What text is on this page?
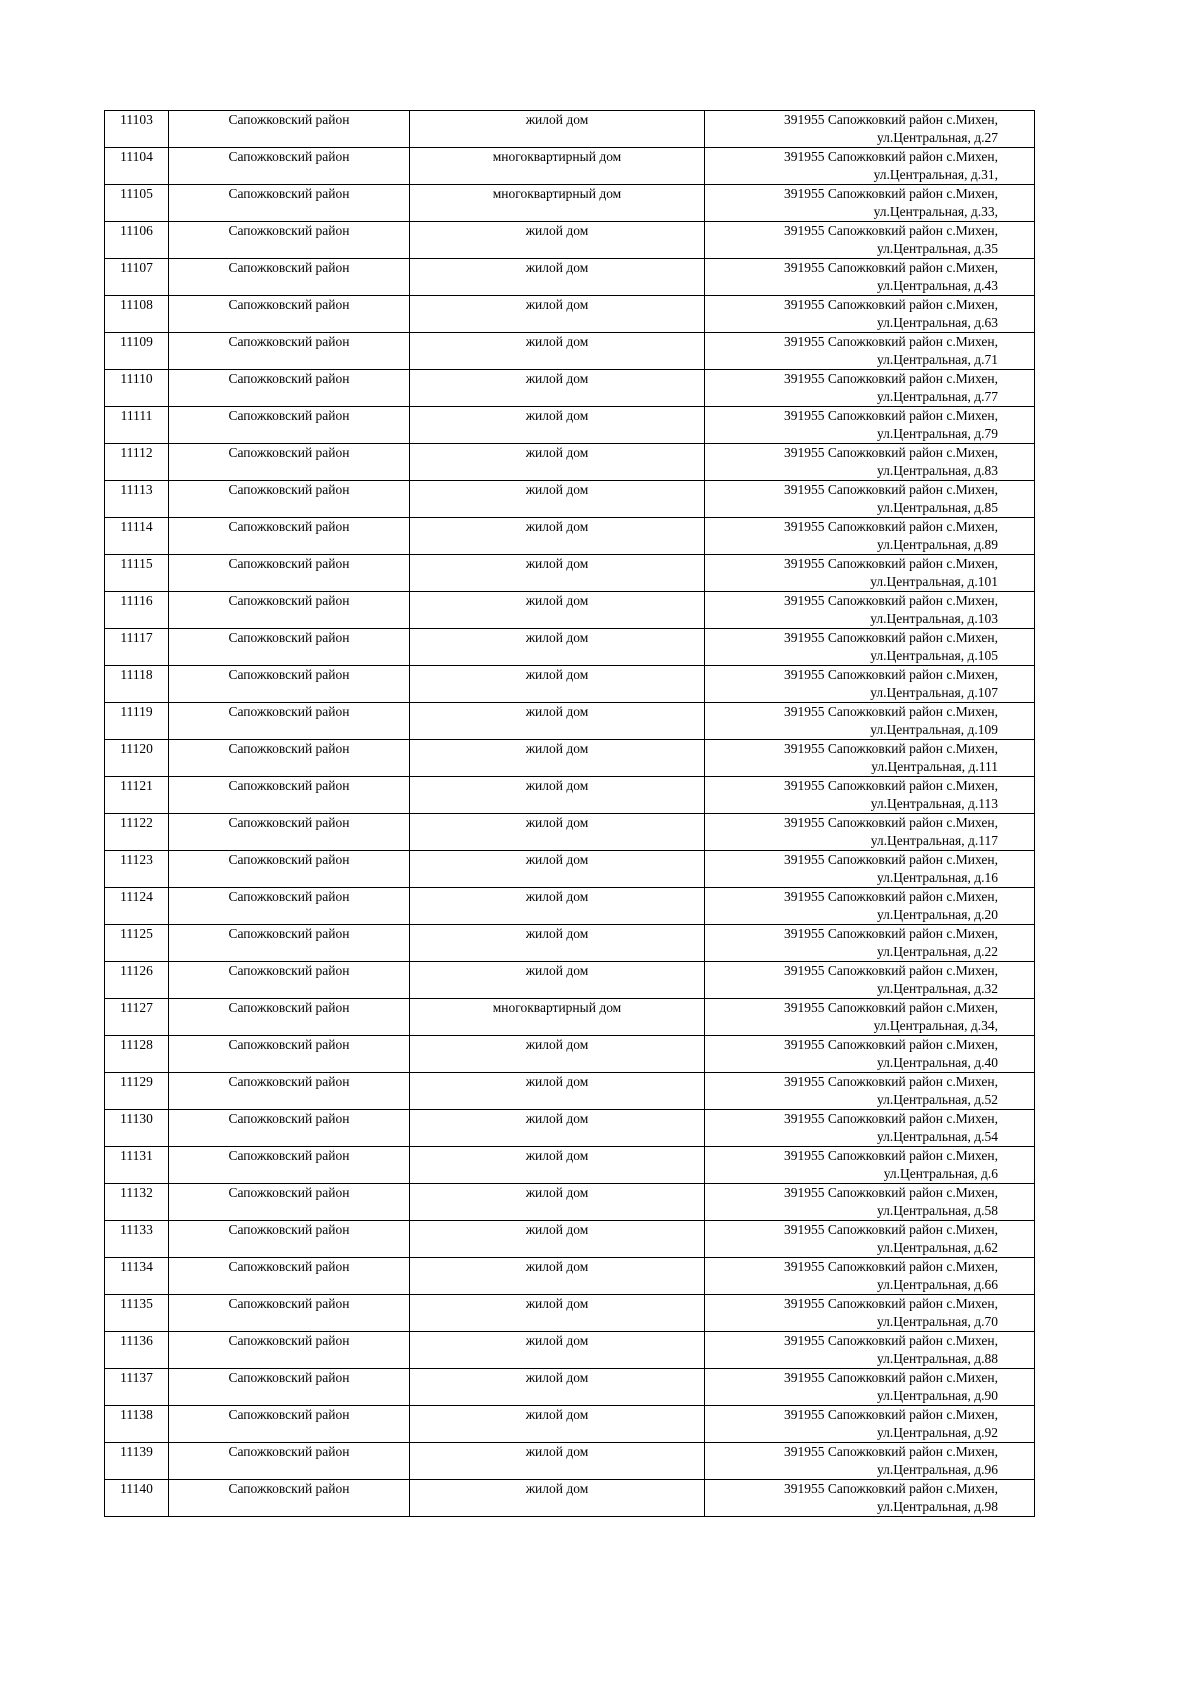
11103	Сапожковский район	жилой дом	391955 Сапожковкий район с.Михен,
ул.Центральная, д.27

11104	Сапожковский район	многоквартирный дом	391955 Сапожковкий район с.Михен,
ул.Центральная, д.31,

11105	Сапожковский район	многоквартирный дом	391955 Сапожковкий район с.Михен,
ул.Центральная, д.33,

11106	Сапожковский район	жилой дом	391955 Сапожковкий район с.Михен,
ул.Центральная, д.35

11107	Сапожковский район	жилой дом	391955 Сапожковкий район с.Михен,
ул.Центральная, д.43

11108	Сапожковский район	жилой дом	391955 Сапожковкий район с.Михен,
ул.Центральная, д.63

11109	Сапожковский район	жилой дом	391955 Сапожковкий район с.Михен,
ул.Центральная, д.71

11110	Сапожковский район	жилой дом	391955 Сапожковкий район с.Михен,
ул.Центральная, д.77

11111	Сапожковский район	жилой дом	391955 Сапожковкий район с.Михен,
ул.Центральная, д.79

11112	Сапожковский район	жилой дом	391955 Сапожковкий район с.Михен,
ул.Центральная, д.83

11113	Сапожковский район	жилой дом	391955 Сапожковкий район с.Михен,
ул.Центральная, д.85

11114	Сапожковский район	жилой дом	391955 Сапожковкий район с.Михен,
ул.Центральная, д.89

11115	Сапожковский район	жилой дом	391955 Сапожковкий район с.Михен,
ул.Центральная, д.101

11116	Сапожковский район	жилой дом	391955 Сапожковкий район с.Михен,
ул.Центральная, д.103

11117	Сапожковский район	жилой дом	391955 Сапожковкий район с.Михен,
ул.Центральная, д.105

11118	Сапожковский район	жилой дом	391955 Сапожковкий район с.Михен,
ул.Центральная, д.107

11119	Сапожковский район	жилой дом	391955 Сапожковкий район с.Михен,
ул.Центральная, д.109

11120	Сапожковский район	жилой дом	391955 Сапожковкий район с.Михен,
ул.Центральная, д.111

11121	Сапожковский район	жилой дом	391955 Сапожковкий район с.Михен,
ул.Центральная, д.113

11122	Сапожковский район	жилой дом	391955 Сапожковкий район с.Михен,
ул.Центральная, д.117

11123	Сапожковский район	жилой дом	391955 Сапожковкий район с.Михен,
ул.Центральная, д.16

11124	Сапожковский район	жилой дом	391955 Сапожковкий район с.Михен,
ул.Центральная, д.20

11125	Сапожковский район	жилой дом	391955 Сапожковкий район с.Михен,
ул.Центральная, д.22

11126	Сапожковский район	жилой дом	391955 Сапожковкий район с.Михен,
ул.Центральная, д.32

11127	Сапожковский район	многоквартирный дом	391955 Сапожковкий район с.Михен,
ул.Центральная, д.34,

11128	Сапожковский район	жилой дом	391955 Сапожковкий район с.Михен,
ул.Центральная, д.40

11129	Сапожковский район	жилой дом	391955 Сапожковкий район с.Михен,
ул.Центральная, д.52

11130	Сапожковский район	жилой дом	391955 Сапожковкий район с.Михен,
ул.Центральная, д.54

11131	Сапожковский район	жилой дом	391955 Сапожковкий район с.Михен,
ул.Центральная, д.6

11132	Сапожковский район	жилой дом	391955 Сапожковкий район с.Михен,
ул.Центральная, д.58

11133	Сапожковский район	жилой дом	391955 Сапожковкий район с.Михен,
ул.Центральная, д.62

11134	Сапожковский район	жилой дом	391955 Сапожковкий район с.Михен,
ул.Центральная, д.66

11135	Сапожковский район	жилой дом	391955 Сапожковкий район с.Михен,
ул.Центральная, д.70

11136	Сапожковский район	жилой дом	391955 Сапожковкий район с.Михен,
ул.Центральная, д.88

11137	Сапожковский район	жилой дом	391955 Сапожковкий район с.Михен,
ул.Центральная, д.90

11138	Сапожковский район	жилой дом	391955 Сапожковкий район с.Михен,
ул.Центральная, д.92

11139	Сапожковский район	жилой дом	391955 Сапожковкий район с.Михен,
ул.Центральная, д.96

11140	Сапожковский район	жилой дом	391955 Сапожковкий район с.Михен,
ул.Центральная, д.98
